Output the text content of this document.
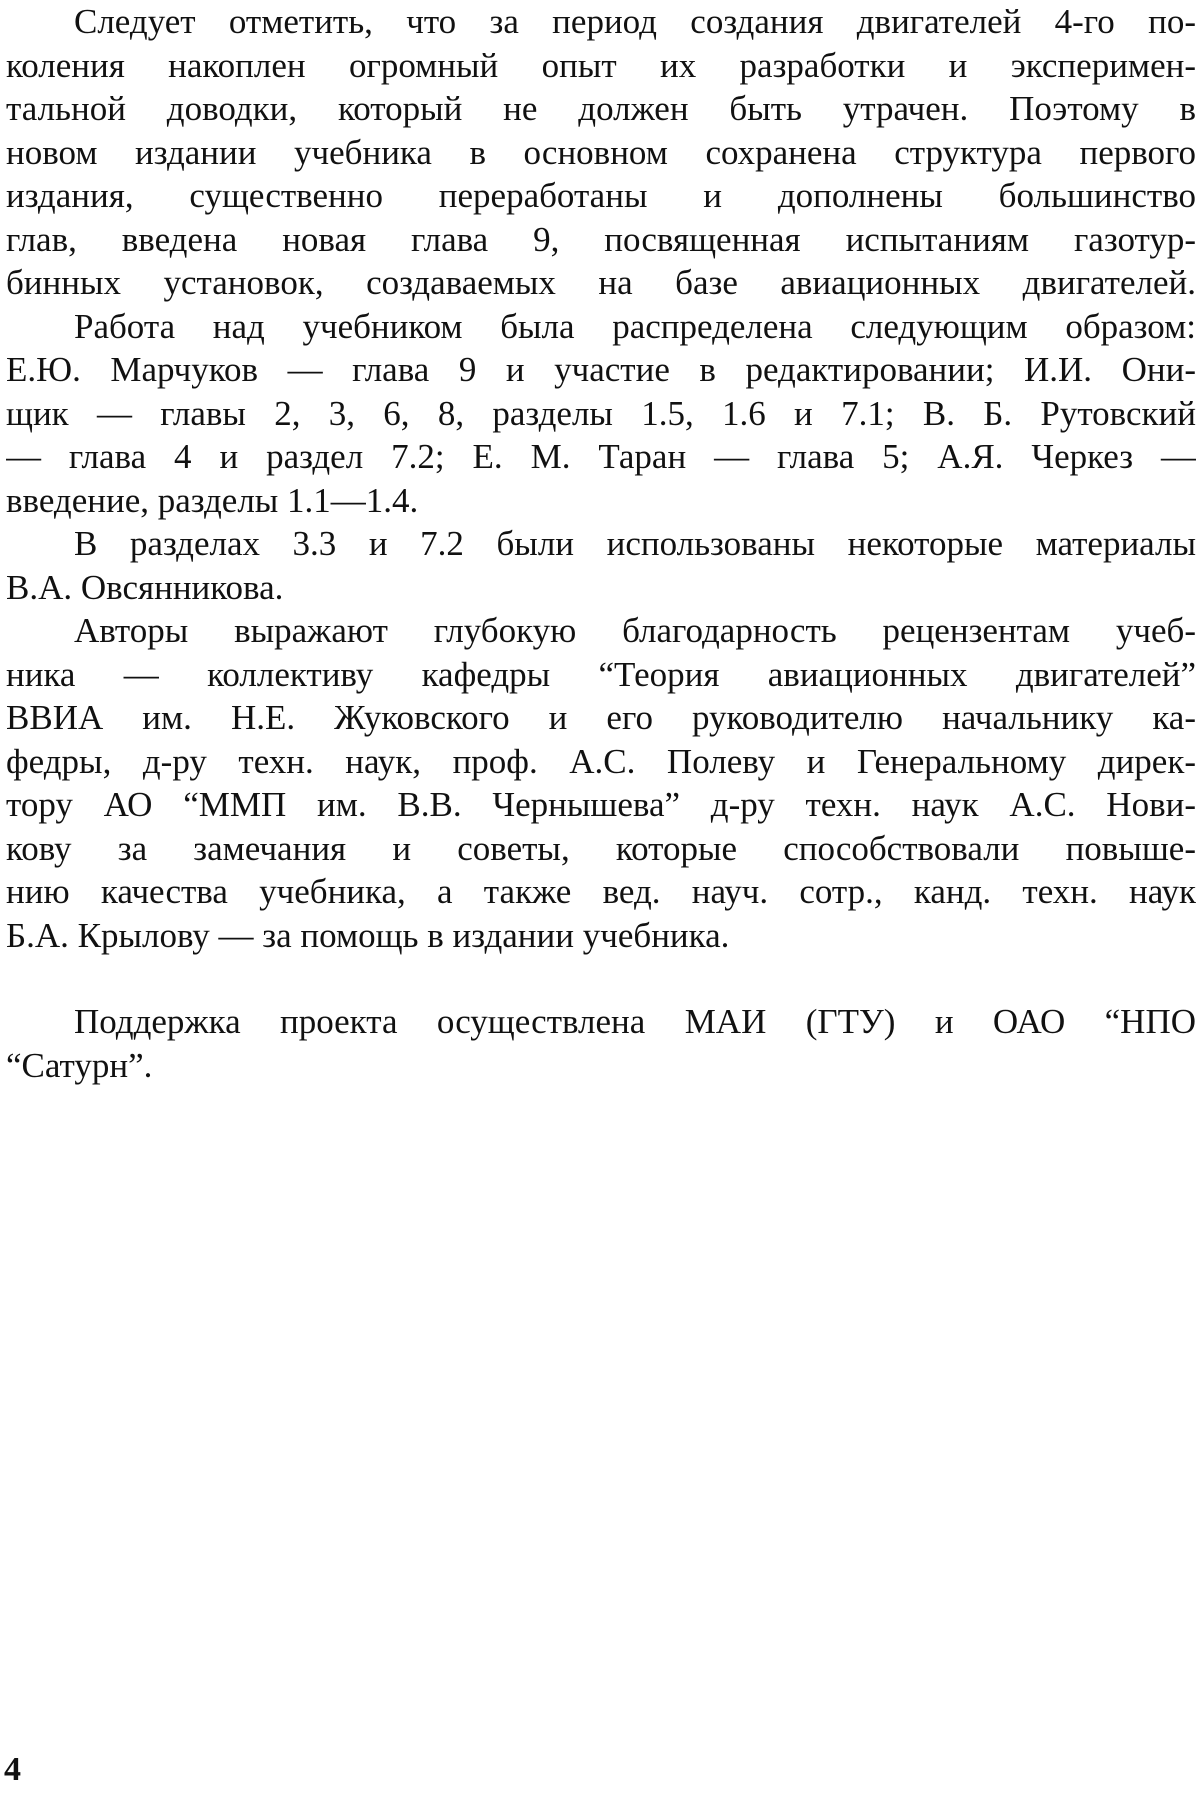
Следует отметить, что за период создания двигателей 4-го по-
коления накоплен огромный опыт их разработки и эксперимен-
тальной доводки, который не должен быть утрачен. Поэтому в
новом издании учебника в основном сохранена структура первого
издания, существенно переработаны и дополнены большинство
глав, введена новая глава 9, посвященная испытаниям газотур-
бинных установок, создаваемых на базе авиационных двигателей.
Работа над учебником была распределена следующим образом:
Е.Ю. Марчуков — глава 9 и участие в редактировании; И.И. Они-
щик — главы 2, 3, 6, 8, разделы 1.5, 1.6 и 7.1; В. Б. Рутовский
— глава 4 и раздел 7.2; Е. М. Таран — глава 5; А.Я. Черкез —
введение, разделы 1.1—1.4.
В разделах 3.3 и 7.2 были использованы некоторые материалы
В.А. Овсянникова.
Авторы выражают глубокую благодарность рецензентам учеб-
ника — коллективу кафедры “Теория авиационных двигателей”
ВВИА им. Н.Е. Жуковского и его руководителю начальнику ка-
федры, д-ру техн. наук, проф. А.С. Полеву и Генеральному дирек-
тору АО “ММП им. В.В. Чернышева” д-ру техн. наук А.С. Нови-
кову за замечания и советы, которые способствовали повыше-
нию качества учебника, а также вед. науч. сотр., канд. техн. наук
Б.А. Крылову — за помощь в издании учебника.
Поддержка проекта осуществлена МАИ (ГТУ) и ОАО “НПО
“Сатурн”.
4
